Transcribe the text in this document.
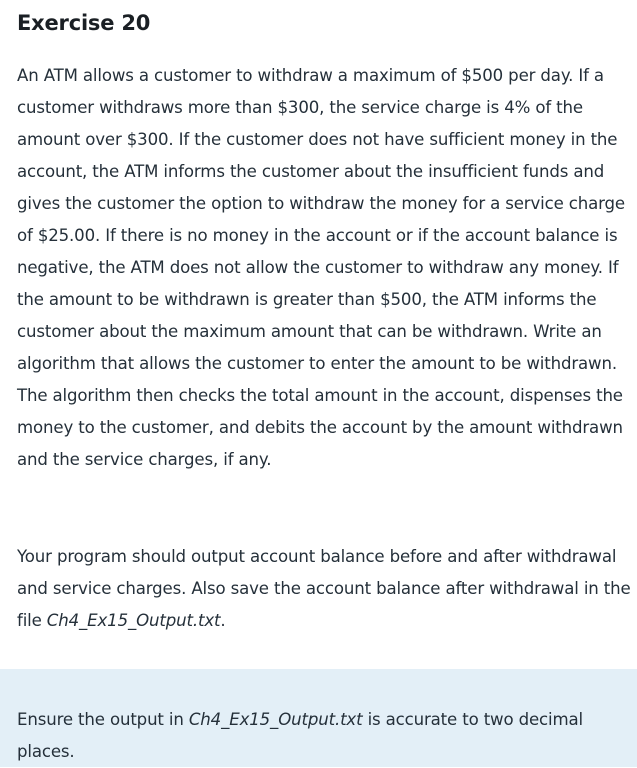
Exercise 20
An ATM allows a customer to withdraw a maximum of $500 per day. If a customer withdraws more than $300, the service charge is 4% of the amount over $300. If the customer does not have sufficient money in the account, the ATM informs the customer about the insufficient funds and gives the customer the option to withdraw the money for a service charge of $25.00. If there is no money in the account or if the account balance is negative, the ATM does not allow the customer to withdraw any money. If the amount to be withdrawn is greater than $500, the ATM informs the customer about the maximum amount that can be withdrawn. Write an algorithm that allows the customer to enter the amount to be withdrawn. The algorithm then checks the total amount in the account, dispenses the money to the customer, and debits the account by the amount withdrawn and the service charges, if any.
Your program should output account balance before and after withdrawal and service charges. Also save the account balance after withdrawal in the file Ch4_Ex15_Output.txt.
Ensure the output in Ch4_Ex15_Output.txt is accurate to two decimal places.
